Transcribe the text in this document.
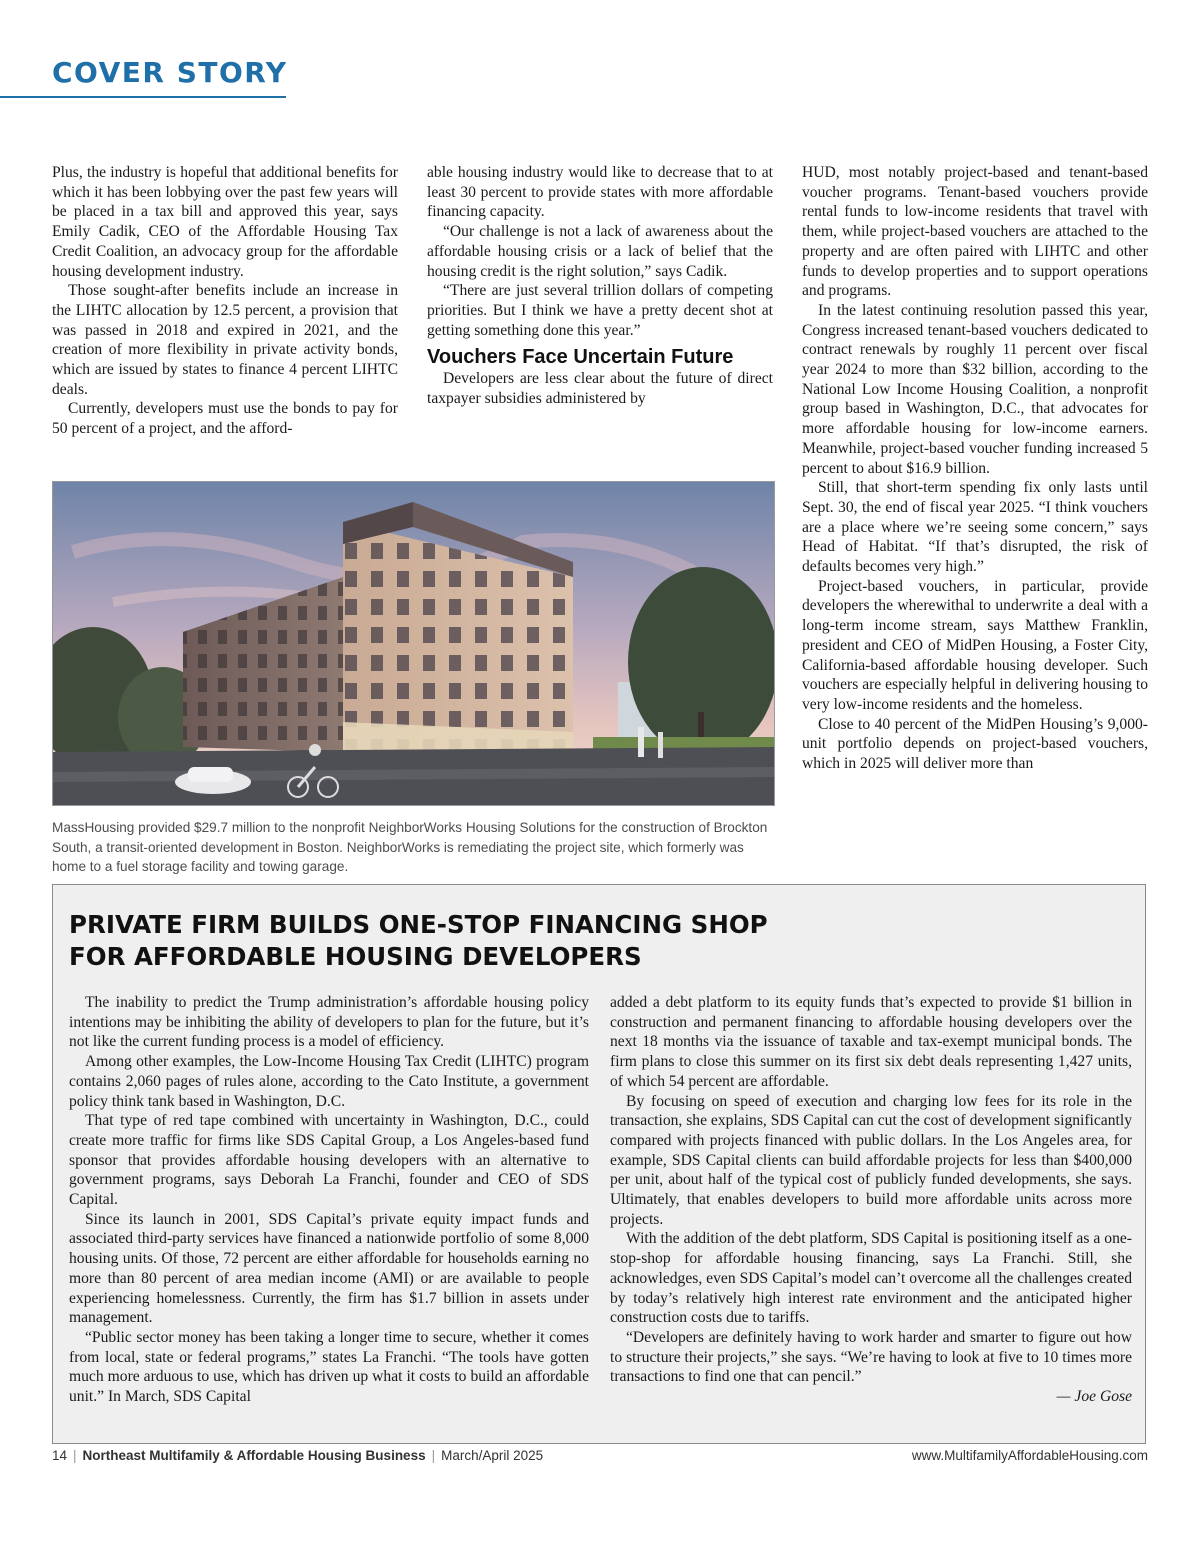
COVER STORY

Plus, the industry is hopeful that additional benefits for which it has been lobbying over the past few years will be placed in a tax bill and approved this year, says Emily Cadik, CEO of the Affordable Housing Tax Credit Coalition, an advocacy group for the affordable housing development industry.

Those sought-after benefits include an increase in the LIHTC allocation by 12.5 percent, a provision that was passed in 2018 and expired in 2021, and the creation of more flexibility in private activity bonds, which are issued by states to finance 4 percent LIHTC deals.

Currently, developers must use the bonds to pay for 50 percent of a project, and the afford-

able housing industry would like to decrease that to at least 30 percent to provide states with more affordable financing capacity.

“Our challenge is not a lack of awareness about the affordable housing crisis or a lack of belief that the housing credit is the right solution,” says Cadik.

“There are just several trillion dollars of competing priorities. But I think we have a pretty decent shot at getting something done this year.”

Vouchers Face Uncertain Future

Developers are less clear about the future of direct taxpayer subsidies administered by

HUD, most notably project-based and tenant-based voucher programs. Tenant-based vouchers provide rental funds to low-income residents that travel with them, while project-based vouchers are attached to the property and are often paired with LIHTC and other funds to develop properties and to support operations and programs.

In the latest continuing resolution passed this year, Congress increased tenant-based vouchers dedicated to contract renewals by roughly 11 percent over fiscal year 2024 to more than $32 billion, according to the National Low Income Housing Coalition, a nonprofit group based in Washington, D.C., that advocates for more affordable housing for low-income earners. Meanwhile, project-based voucher funding increased 5 percent to about $16.9 billion.

Still, that short-term spending fix only lasts until Sept. 30, the end of fiscal year 2025. “I think vouchers are a place where we’re seeing some concern,” says Head of Habitat. “If that’s disrupted, the risk of defaults becomes very high.”

Project-based vouchers, in particular, provide developers the wherewithal to underwrite a deal with a long-term income stream, says Matthew Franklin, president and CEO of MidPen Housing, a Foster City, California-based affordable housing developer. Such vouchers are especially helpful in delivering housing to very low-income residents and the homeless.

Close to 40 percent of the MidPen Housing’s 9,000-unit portfolio depends on project-based vouchers, which in 2025 will deliver more than

MassHousing provided $29.7 million to the nonprofit NeighborWorks Housing Solutions for the construction of Brockton South, a transit-oriented development in Boston. NeighborWorks is remediating the project site, which formerly was home to a fuel storage facility and towing garage.

PRIVATE FIRM BUILDS ONE-STOP FINANCING SHOP
FOR AFFORDABLE HOUSING DEVELOPERS

The inability to predict the Trump administration’s affordable housing policy intentions may be inhibiting the ability of developers to plan for the future, but it’s not like the current funding process is a model of efficiency.

Among other examples, the Low-Income Housing Tax Credit (LIHTC) program contains 2,060 pages of rules alone, according to the Cato Institute, a government policy think tank based in Washington, D.C.

That type of red tape combined with uncertainty in Washington, D.C., could create more traffic for firms like SDS Capital Group, a Los Angeles-based fund sponsor that provides affordable housing developers with an alternative to government programs, says Deborah La Franchi, founder and CEO of SDS Capital.

Since its launch in 2001, SDS Capital’s private equity impact funds and associated third-party services have financed a nationwide portfolio of some 8,000 housing units. Of those, 72 percent are either affordable for households earning no more than 80 percent of area median income (AMI) or are available to people experiencing homelessness. Currently, the firm has $1.7 billion in assets under management.

“Public sector money has been taking a longer time to secure, whether it comes from local, state or federal programs,” states La Franchi. “The tools have gotten much more arduous to use, which has driven up what it costs to build an affordable unit.” In March, SDS Capital

added a debt platform to its equity funds that’s expected to provide $1 billion in construction and permanent financing to affordable housing developers over the next 18 months via the issuance of taxable and tax-exempt municipal bonds. The firm plans to close this summer on its first six debt deals representing 1,427 units, of which 54 percent are affordable.

By focusing on speed of execution and charging low fees for its role in the transaction, she explains, SDS Capital can cut the cost of development significantly compared with projects financed with public dollars. In the Los Angeles area, for example, SDS Capital clients can build affordable projects for less than $400,000 per unit, about half of the typical cost of publicly funded developments, she says. Ultimately, that enables developers to build more affordable units across more projects.

With the addition of the debt platform, SDS Capital is positioning itself as a one-stop-shop for affordable housing financing, says La Franchi. Still, she acknowledges, even SDS Capital’s model can’t overcome all the challenges created by today’s relatively high interest rate environment and the anticipated higher construction costs due to tariffs.

“Developers are definitely having to work harder and smarter to figure out how to structure their projects,” she says. “We’re having to look at five to 10 times more transactions to find one that can pencil.”

— Joe Gose

14 | Northeast Multifamily & Affordable Housing Business | March/April 2025	www.MultifamilyAffordableHousing.com
